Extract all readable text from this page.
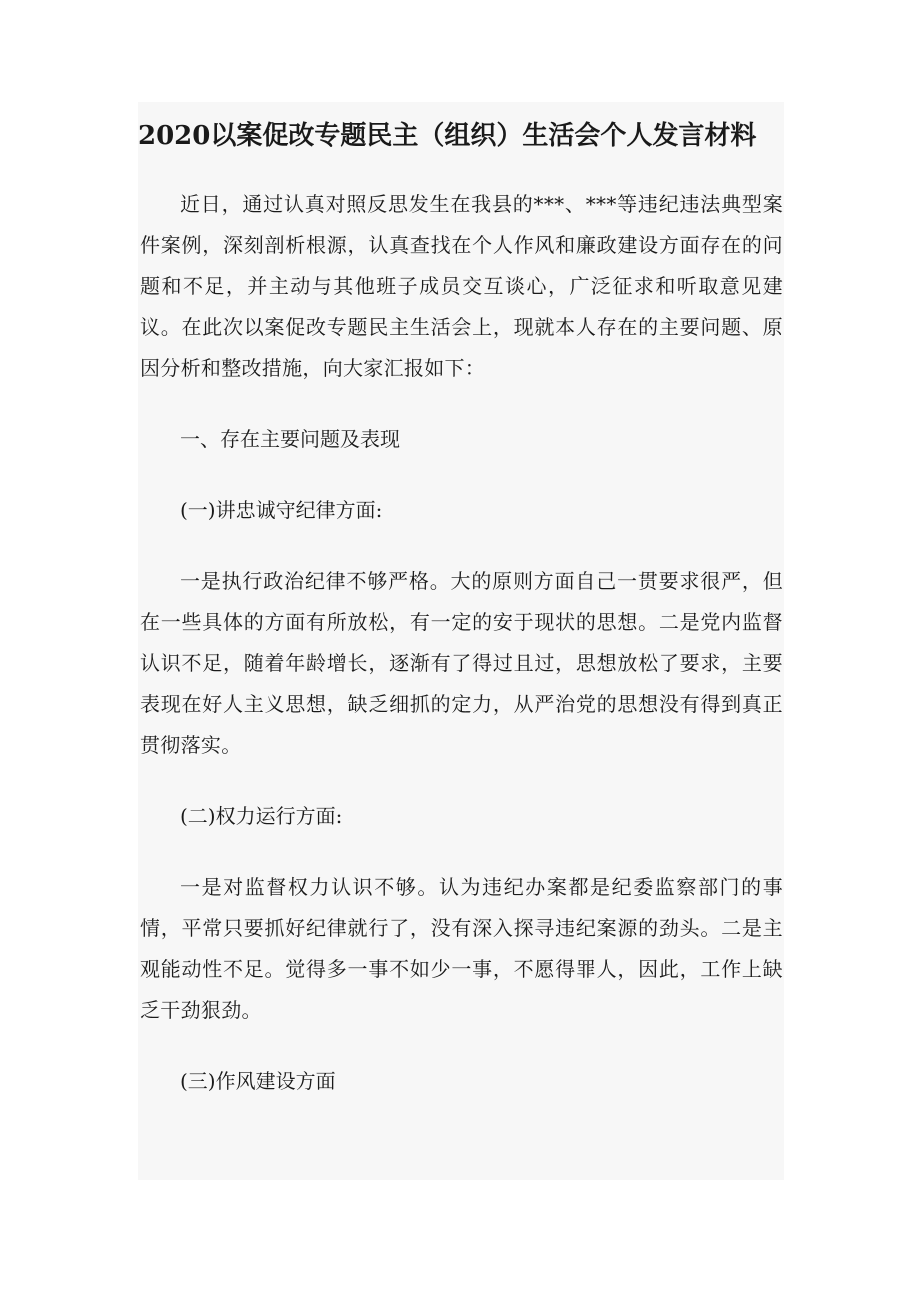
2020以案促改专题民主（组织）生活会个人发言材料

近日，通过认真对照反思发生在我县的***、***等违纪违法典型案件案例，深刻剖析根源，认真查找在个人作风和廉政建设方面存在的问题和不足，并主动与其他班子成员交互谈心，广泛征求和听取意见建议。在此次以案促改专题民主生活会上，现就本人存在的主要问题、原因分析和整改措施，向大家汇报如下：

一、存在主要问题及表现

(一)讲忠诚守纪律方面:

一是执行政治纪律不够严格。大的原则方面自己一贯要求很严，但在一些具体的方面有所放松，有一定的安于现状的思想。二是党内监督认识不足，随着年龄增长，逐渐有了得过且过，思想放松了要求，主要表现在好人主义思想，缺乏细抓的定力，从严治党的思想没有得到真正贯彻落实。

(二)权力运行方面:

一是对监督权力认识不够。认为违纪办案都是纪委监察部门的事情，平常只要抓好纪律就行了，没有深入探寻违纪案源的劲头。二是主观能动性不足。觉得多一事不如少一事，不愿得罪人，因此，工作上缺乏干劲狠劲。

(三)作风建设方面
